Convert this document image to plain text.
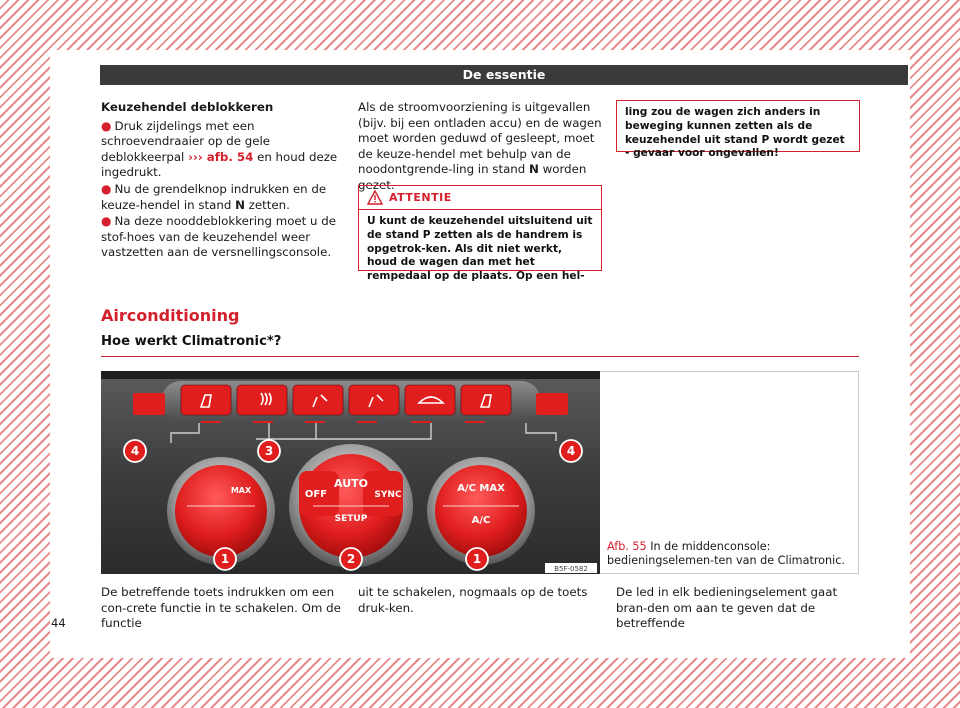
De essentie
Keuzehendel deblokkeren
● Druk zijdelings met een schroevendraaier op de gele deblokkeerpal ››› afb. 54 en houd deze ingedrukt.
● Nu de grendelknop indrukken en de keuze-hendel in stand N zetten.
● Na deze nooddeblokkering moet u de stof-hoes van de keuzehendel weer vastzetten aan de versnellingsconsole.
Als de stroomvoorziening is uitgevallen (bijv. bij een ontladen accu) en de wagen moet worden geduwd of gesleept, moet de keuze-hendel met behulp van de noodontgrende-ling in stand N worden gezet.
ATTENTIE
U kunt de keuzehendel uitsluitend uit de stand P zetten als de handrem is opgetrok-ken. Als dit niet werkt, houd de wagen dan met het rempedaal op de plaats. Op een hel-
ling zou de wagen zich anders in beweging kunnen zetten als de keuzehendel uit stand P wordt gezet - gevaar voor ongevallen!
Airconditioning
Hoe werkt Climatronic*?
4	3	4
MAX	OFF
AUTO
SETUP
SYNC
A/C MAX
A/C
1	2	1
B5F-0582
Afb. 55 In de middenconsole: bedieningselemen-ten van de Climatronic.
De betreffende toets indrukken om een con-crete functie in te schakelen. Om de functie
uit te schakelen, nogmaals op de toets druk-ken.
De led in elk bedieningselement gaat bran-den om aan te geven dat de betreffende
44
